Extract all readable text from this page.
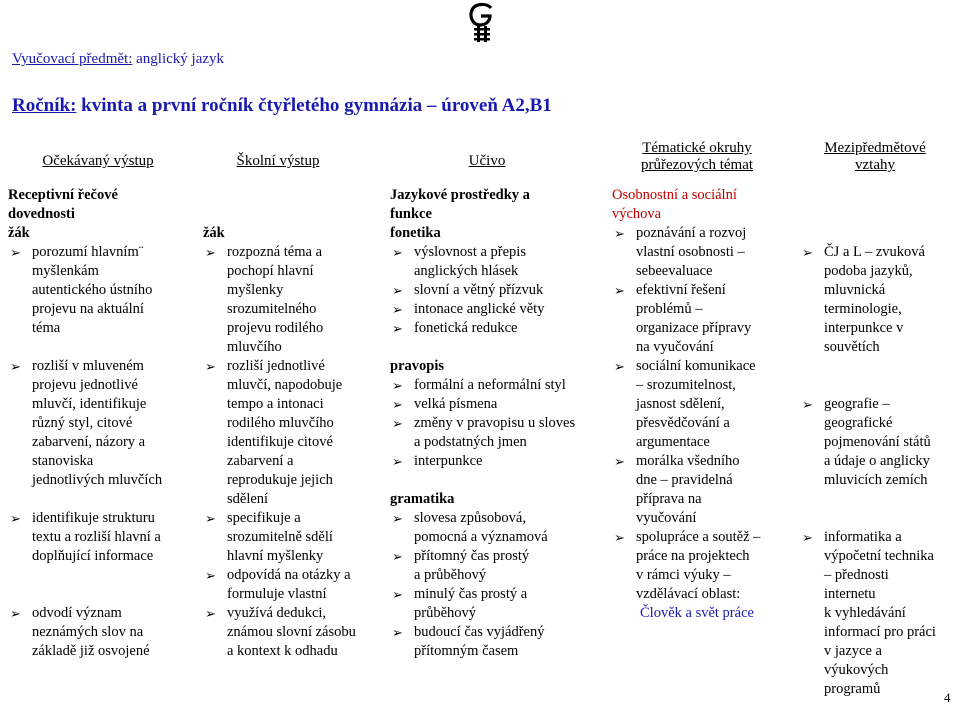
Vyučovací předmět: anglický jazyk
Ročník: kvinta a první ročník čtyřletého gymnázia – úroveň A2,B1
Očekávaný výstup
Receptivní řečové
dovednosti
žák
➢ porozumí hlavním¨
myšlenkám
autentického ústního
projevu na aktuální
téma
➢ rozliší v mluveném
projevu jednotlivé
mluvčí, identifikuje
různý styl, citové
zabarvení, názory a
stanoviska
jednotlivých mluvčích
➢ identifikuje strukturu
textu a rozliší hlavní a
doplňující informace
➢ odvodí význam
neznámých slov na
základě již osvojené
Školní výstup
žák
➢ rozpozná téma a
pochopí hlavní
myšlenky
srozumitelného
projevu rodilého
mluvčího
➢ rozliší jednotlivé
mluvčí, napodobuje
tempo a intonaci
rodilého mluvčího
identifikuje citové
zabarvení a
reprodukuje jejich
sdělení
➢ specifikuje a
srozumitelně sdělí
hlavní myšlenky
➢ odpovídá na otázky a
formuluje vlastní
➢ využívá dedukci,
známou slovní zásobu
a kontext k odhadu
Učivo
Jazykové prostředky a
funkce
fonetika
➢ výslovnost a přepis
anglických hlásek
➢ slovní a větný přízvuk
➢ intonace anglické věty
➢ fonetická redukce
pravopis
➢ formální a neformální styl
➢ velká písmena
➢ změny v pravopisu u sloves
a podstatných jmen
➢ interpunkce
gramatika
➢ slovesa způsobová,
pomocná a významová
➢ přítomný čas prostý
a průběhový
➢ minulý čas prostý a
průběhový
➢ budoucí čas vyjádřený
přítomným časem
Tématické okruhy
průřezových témat
Osobnostní a sociální
výchova
➢ poznávání a rozvoj
vlastní osobnosti –
sebeevaluace
➢ efektivní řešení
problémů –
organizace přípravy
na vyučování
➢ sociální komunikace
– srozumitelnost,
jasnost sdělení,
přesvědčování a
argumentace
➢ morálka všedního
dne – pravidelná
příprava na
vyučování
➢ spolupráce a soutěž –
práce na projektech
v rámci výuky –
vzdělávací oblast:
Člověk a svět práce
Mezipředmětové
vztahy
➢ ČJ a L – zvuková
podoba jazyků,
mluvnická
terminologie,
interpunkce v
souvětích
➢ geografie –
geografické
pojmenování států
a údaje o anglicky
mluvicích zemích
➢ informatika a
výpočetní technika
– přednosti
internetu
k vyhledávání
informací pro práci
v jazyce a
výukových
programů
4
